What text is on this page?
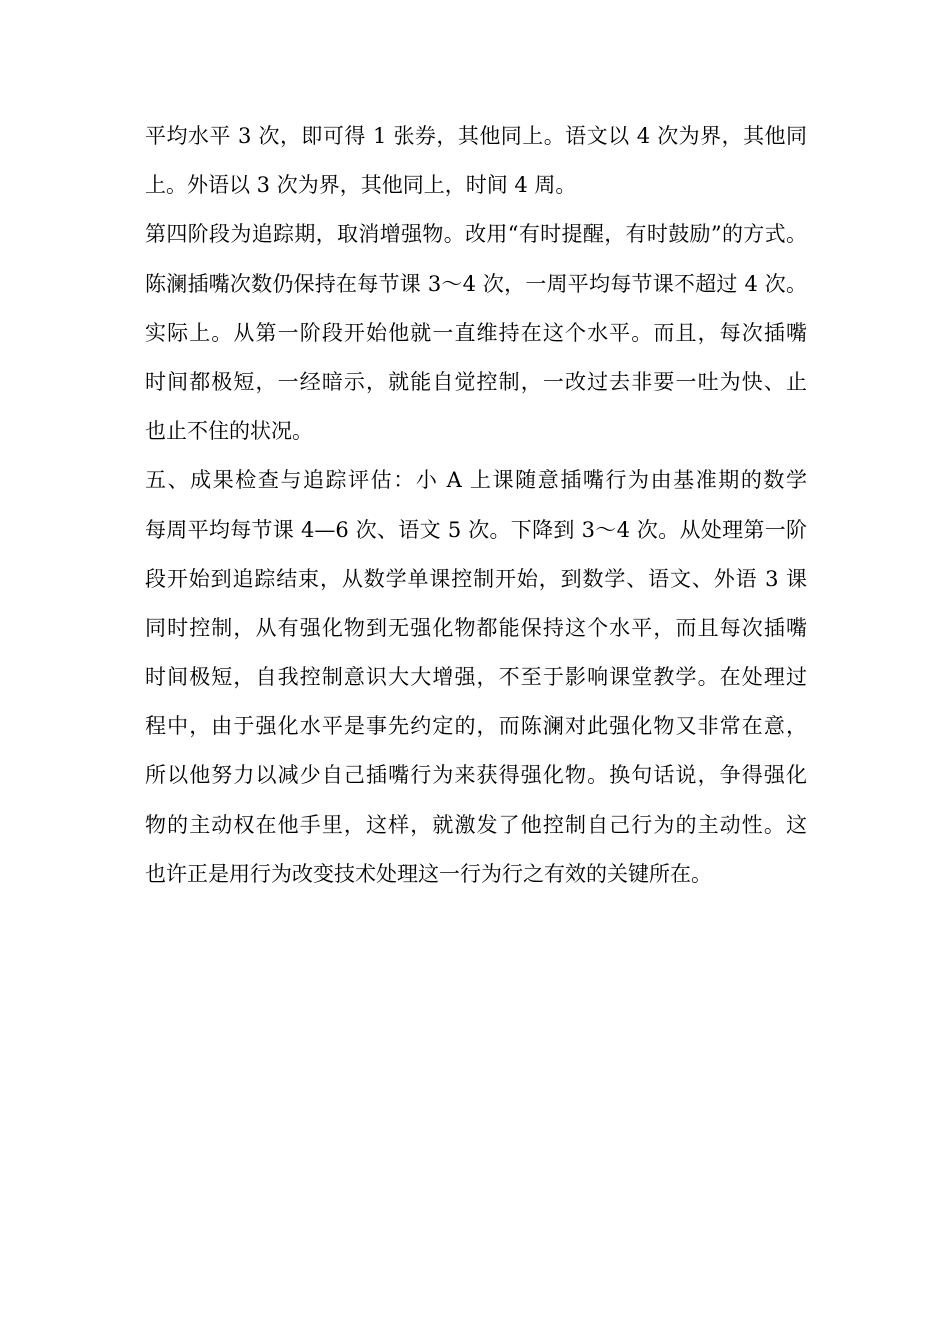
平均水平 3 次，即可得 1 张券，其他同上。语文以 4 次为界，其他同
上。外语以 3 次为界，其他同上，时间 4 周。
第四阶段为追踪期，取消增强物。改用“有时提醒，有时鼓励”的方式。
陈澜插嘴次数仍保持在每节课 3～4 次，一周平均每节课不超过 4 次。
实际上。从第一阶段开始他就一直维持在这个水平。而且，每次插嘴
时间都极短，一经暗示，就能自觉控制，一改过去非要一吐为快、止
也止不住的状况。
五、成果检查与追踪评估：小 A 上课随意插嘴行为由基准期的数学
每周平均每节课 4—6 次、语文 5 次。下降到 3～4 次。从处理第一阶
段开始到追踪结束，从数学单课控制开始，到数学、语文、外语 3 课
同时控制，从有强化物到无强化物都能保持这个水平，而且每次插嘴
时间极短，自我控制意识大大增强，不至于影响课堂教学。在处理过
程中，由于强化水平是事先约定的，而陈澜对此强化物又非常在意，
所以他努力以减少自己插嘴行为来获得强化物。换句话说，争得强化
物的主动权在他手里，这样，就激发了他控制自己行为的主动性。这
也许正是用行为改变技术处理这一行为行之有效的关键所在。
